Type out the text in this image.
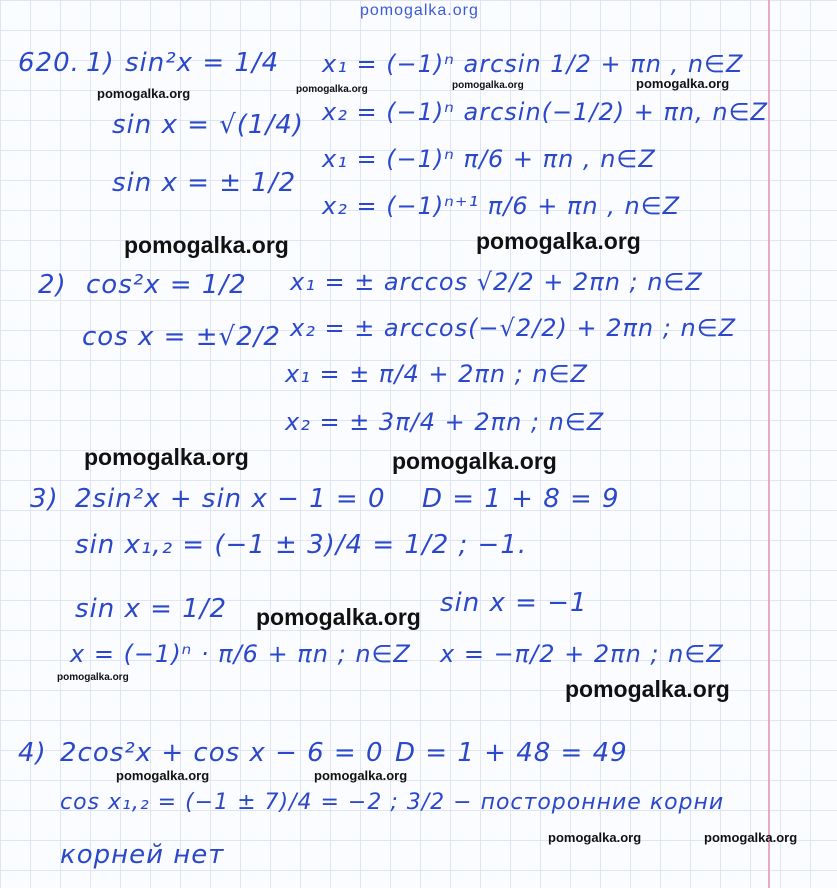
pomogalka.org
620. 1) sin²x = 1/4
sin x = √(1/4)
sin x = ± 1/2
x₁ = (−1)ⁿ arcsin 1/2 + πn , n∈Z
x₂ = (−1)ⁿ arcsin(−1/2) + πn, n∈Z
x₁ = (−1)ⁿ π/6 + πn , n∈Z
x₂ = (−1)ⁿ⁺¹ π/6 + πn , n∈Z
2) cos²x = 1/2
cos x = ±√2/2
x₁ = ± arccos √2/2 + 2πn ; n∈Z
x₂ = ± arccos(−√2/2) + 2πn ; n∈Z
x₁ = ± π/4 + 2πn ; n∈Z
x₂ = ± 3π/4 + 2πn ; n∈Z
3) 2sin²x + sin x − 1 = 0 D = 1 + 8 = 9
sin x₁,₂ = (−1 ± 3)/4 = 1/2 ; −1.
sin x = 1/2	sin x = −1
x = (−1)ⁿ · π/6 + πn ; n∈Z x = −π/2 + 2πn ; n∈Z
4) 2cos²x + cos x − 6 = 0 D = 1 + 48 = 49
cos x₁,₂ = (−1 ± 7)/4 = −2 ; 3/2 − посторонние корни
корней нет
pomogalka.org	pomogalka.org	pomogalka.org	pomogalka.org
pomogalka.org	pomogalka.org
pomogalka.org	pomogalka.org
pomogalka.org
pomogalka.org	pomogalka.org
pomogalka.org	pomogalka.org
pomogalka.org	pomogalka.org
